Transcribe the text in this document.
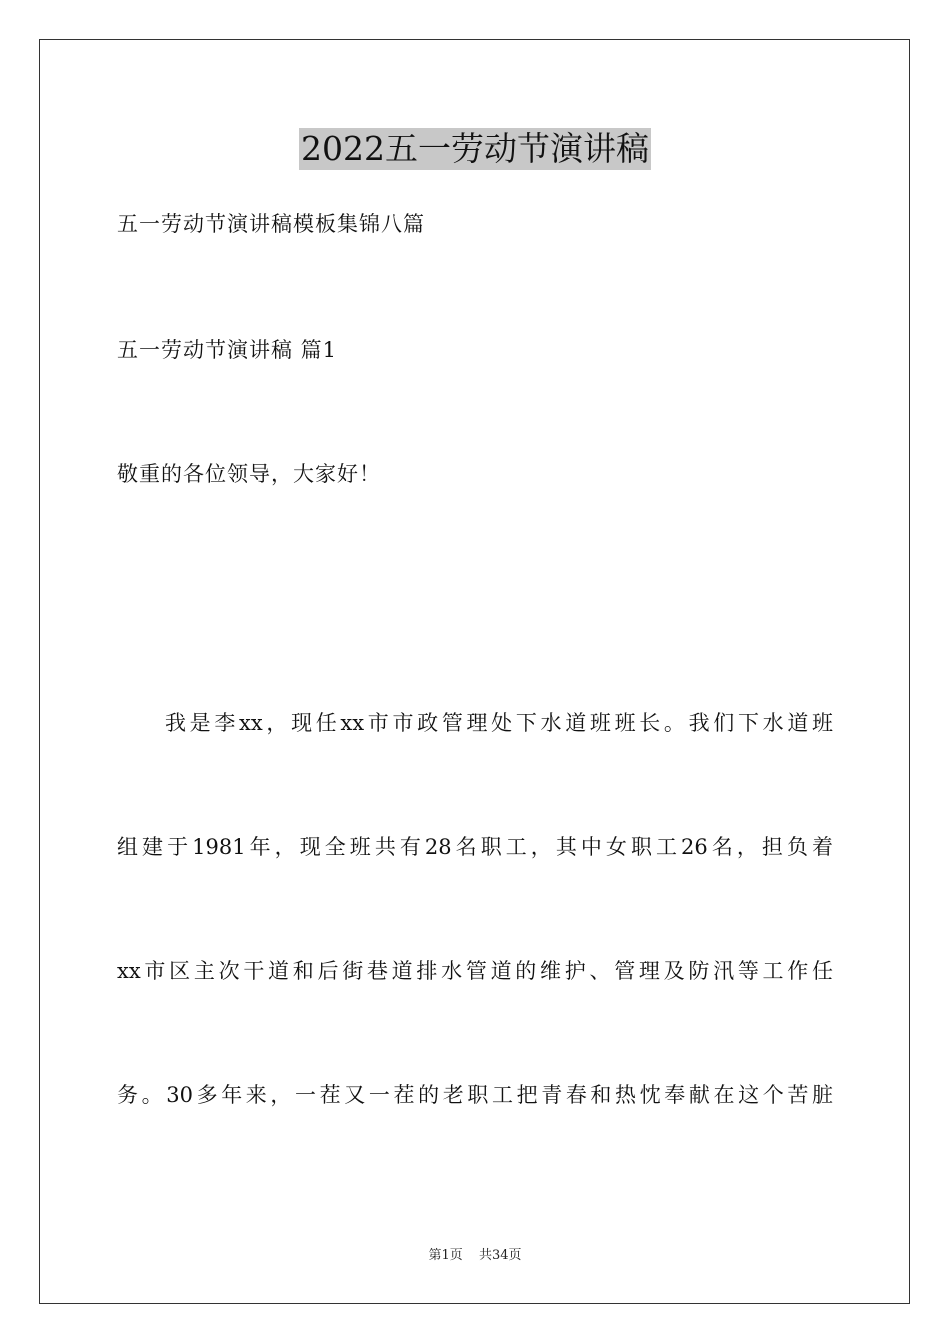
2022五一劳动节演讲稿
五一劳动节演讲稿模板集锦八篇
五一劳动节演讲稿 篇1
敬重的各位领导，大家好！
我是李xx，现任xx市市政管理处下水道班班长。我们下水道班
组建于1981年，现全班共有28名职工，其中女职工26名，担负着
xx市区主次干道和后街巷道排水管道的维护、管理及防汛等工作任
务。30多年来，一茬又一茬的老职工把青春和热忱奉献在这个苦脏
第1页 共34页
